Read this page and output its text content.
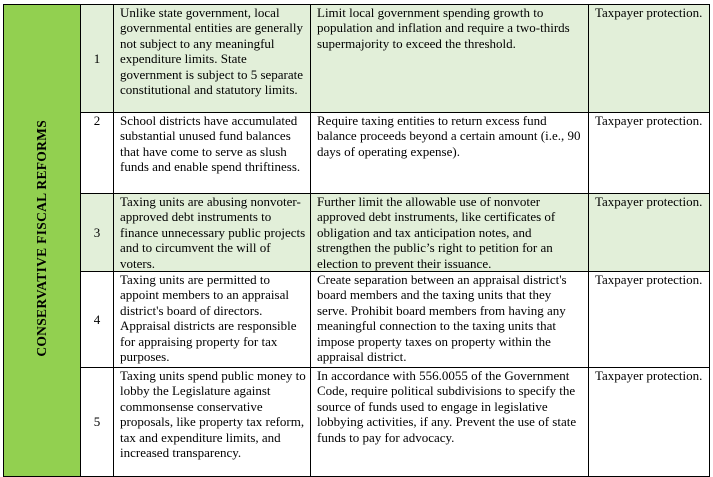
CONSERVATIVE FISCAL REFORMS	1	Unlike state government, local governmental entities are generally not subject to any meaningful expenditure limits. State government is subject to 5 separate constitutional and statutory limits.	Limit local government spending growth to population and inflation and require a two-thirds supermajority to exceed the threshold.	Taxpayer protection.
	2	School districts have accumulated substantial unused fund balances that have come to serve as slush funds and enable spend thriftiness.	Require taxing entities to return excess fund balance proceeds beyond a certain amount (i.e., 90 days of operating expense).	Taxpayer protection.
	3	Taxing units are abusing nonvoter-approved debt instruments to finance unnecessary public projects and to circumvent the will of voters.	Further limit the allowable use of nonvoter approved debt instruments, like certificates of obligation and tax anticipation notes, and strengthen the public’s right to petition for an election to prevent their issuance.	Taxpayer protection.
	4	Taxing units are permitted to appoint members to an appraisal district's board of directors. Appraisal districts are responsible for appraising property for tax purposes.	Create separation between an appraisal district's board members and the taxing units that they serve. Prohibit board members from having any meaningful connection to the taxing units that impose property taxes on property within the appraisal district.	Taxpayer protection.
	5	Taxing units spend public money to lobby the Legislature against commonsense conservative proposals, like property tax reform, tax and expenditure limits, and increased transparency.	In accordance with 556.0055 of the Government Code, require political subdivisions to specify the source of funds used to engage in legislative lobbying activities, if any. Prevent the use of state funds to pay for advocacy.	Taxpayer protection.
